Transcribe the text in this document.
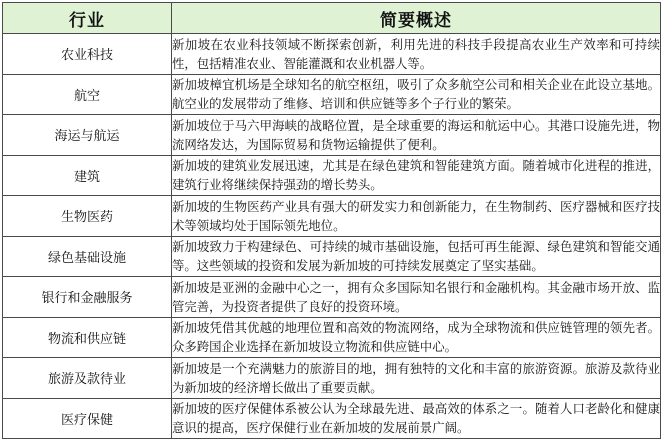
行业	简要概述
农业科技	新加坡在农业科技领域不断探索创新，利用先进的科技手段提高农业生产效率和可持续性，包括精准农业、智能灌溉和农业机器人等。
航空	新加坡樟宜机场是全球知名的航空枢纽，吸引了众多航空公司和相关企业在此设立基地。航空业的发展带动了维修、培训和供应链等多个子行业的繁荣。
海运与航运	新加坡位于马六甲海峡的战略位置，是全球重要的海运和航运中心。其港口设施先进，物流网络发达，为国际贸易和货物运输提供了便利。
建筑	新加坡的建筑业发展迅速，尤其是在绿色建筑和智能建筑方面。随着城市化进程的推进，建筑行业将继续保持强劲的增长势头。
生物医药	新加坡的生物医药产业具有强大的研发实力和创新能力，在生物制药、医疗器械和医疗技术等领域均处于国际领先地位。
绿色基础设施	新加坡致力于构建绿色、可持续的城市基础设施，包括可再生能源、绿色建筑和智能交通等。这些领域的投资和发展为新加坡的可持续发展奠定了坚实基础。
银行和金融服务	新加坡是亚洲的金融中心之一，拥有众多国际知名银行和金融机构。其金融市场开放、监管完善，为投资者提供了良好的投资环境。
物流和供应链	新加坡凭借其优越的地理位置和高效的物流网络，成为全球物流和供应链管理的领先者。众多跨国企业选择在新加坡设立物流和供应链中心。
旅游及款待业	新加坡是一个充满魅力的旅游目的地，拥有独特的文化和丰富的旅游资源。旅游及款待业为新加坡的经济增长做出了重要贡献。
医疗保健	新加坡的医疗保健体系被公认为全球最先进、最高效的体系之一。随着人口老龄化和健康意识的提高，医疗保健行业在新加坡的发展前景广阔。
